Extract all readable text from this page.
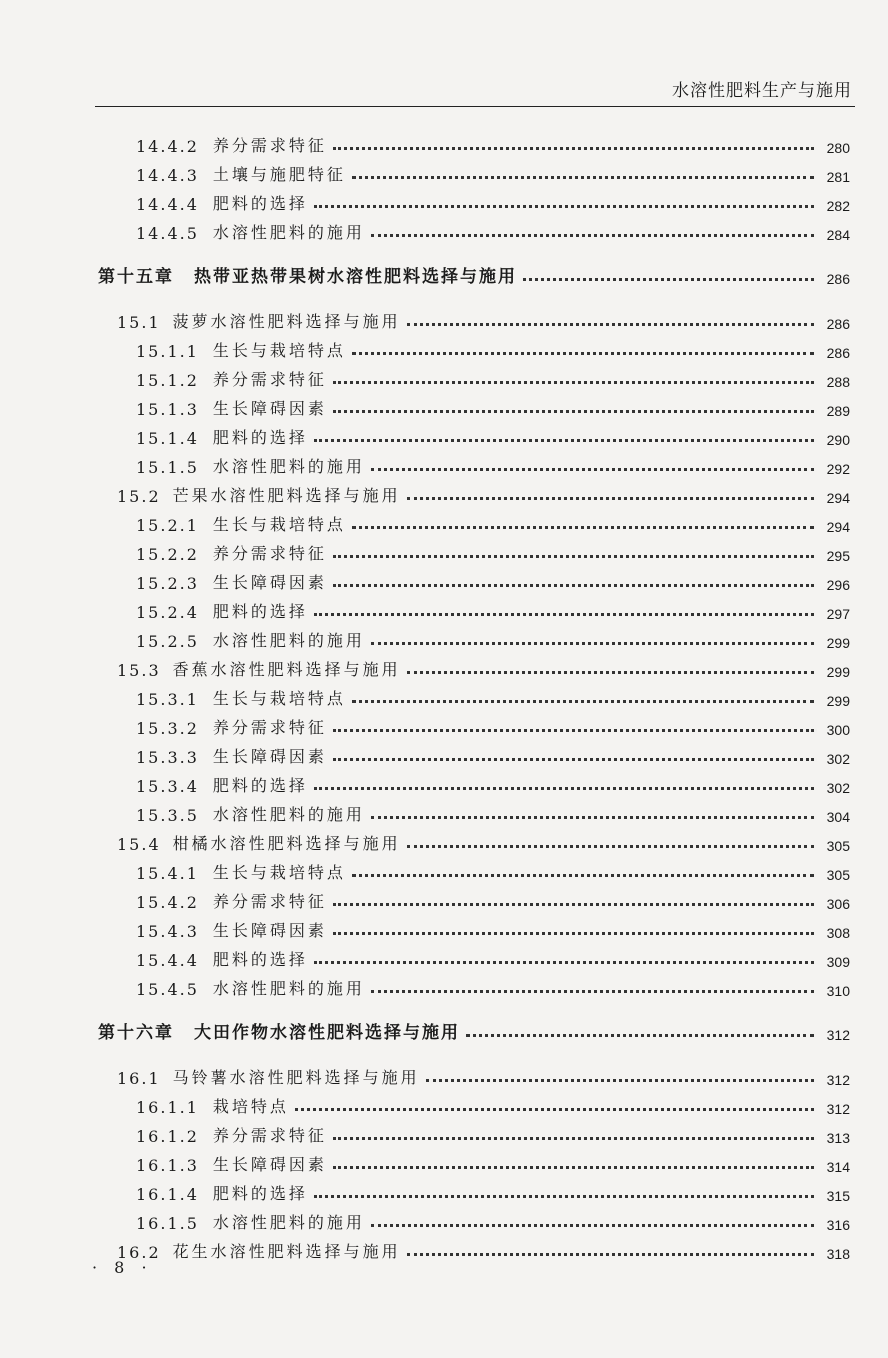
水溶性肥料生产与施用
14.4.2 养分需求特征	280
14.4.3 土壤与施肥特征	281
14.4.4 肥料的选择	282
14.4.5 水溶性肥料的施用	284
第十五章 热带亚热带果树水溶性肥料选择与施用	286
15.1 菠萝水溶性肥料选择与施用	286
15.1.1 生长与栽培特点	286
15.1.2 养分需求特征	288
15.1.3 生长障碍因素	289
15.1.4 肥料的选择	290
15.1.5 水溶性肥料的施用	292
15.2 芒果水溶性肥料选择与施用	294
15.2.1 生长与栽培特点	294
15.2.2 养分需求特征	295
15.2.3 生长障碍因素	296
15.2.4 肥料的选择	297
15.2.5 水溶性肥料的施用	299
15.3 香蕉水溶性肥料选择与施用	299
15.3.1 生长与栽培特点	299
15.3.2 养分需求特征	300
15.3.3 生长障碍因素	302
15.3.4 肥料的选择	302
15.3.5 水溶性肥料的施用	304
15.4 柑橘水溶性肥料选择与施用	305
15.4.1 生长与栽培特点	305
15.4.2 养分需求特征	306
15.4.3 生长障碍因素	308
15.4.4 肥料的选择	309
15.4.5 水溶性肥料的施用	310
第十六章 大田作物水溶性肥料选择与施用	312
16.1 马铃薯水溶性肥料选择与施用	312
16.1.1 栽培特点	312
16.1.2 养分需求特征	313
16.1.3 生长障碍因素	314
16.1.4 肥料的选择	315
16.1.5 水溶性肥料的施用	316
16.2 花生水溶性肥料选择与施用	318
· 8 ·
